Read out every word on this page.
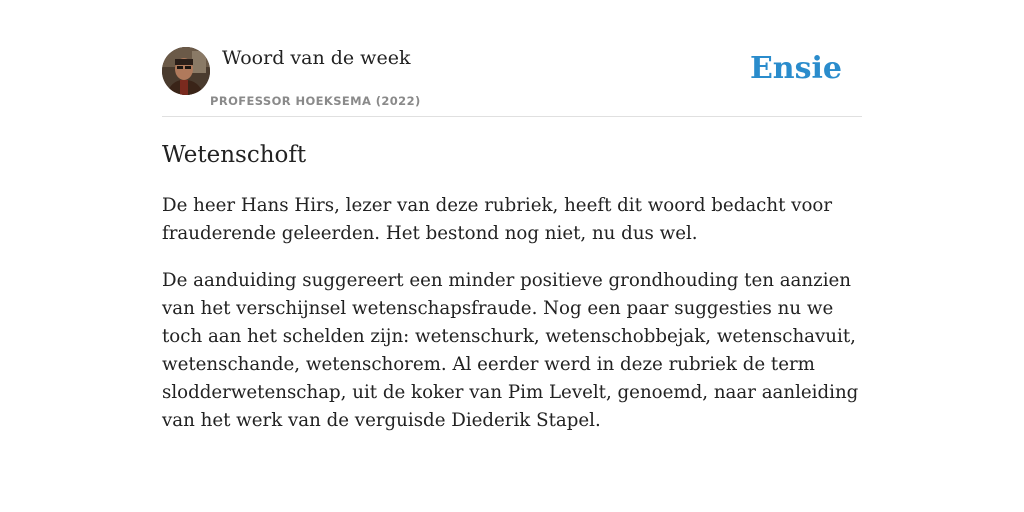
Woord van de week
PROFESSOR HOEKSEMA (2022)
Ensie
Wetenschoft

De heer Hans Hirs, lezer van deze rubriek, heeft dit woord bedacht voor frauderende geleerden. Het bestond nog niet, nu dus wel.

De aanduiding suggereert een minder positieve grondhouding ten aanzien van het verschijnsel wetenschapsfraude. Nog een paar suggesties nu we toch aan het schelden zijn: wetenschurk, wetenschobbejak, wetenschavuit, wetenschande, wetenschorem. Al eerder werd in deze rubriek de term slodderwetenschap, uit de koker van Pim Levelt, genoemd, naar aanleiding van het werk van de verguisde Diederik Stapel.
